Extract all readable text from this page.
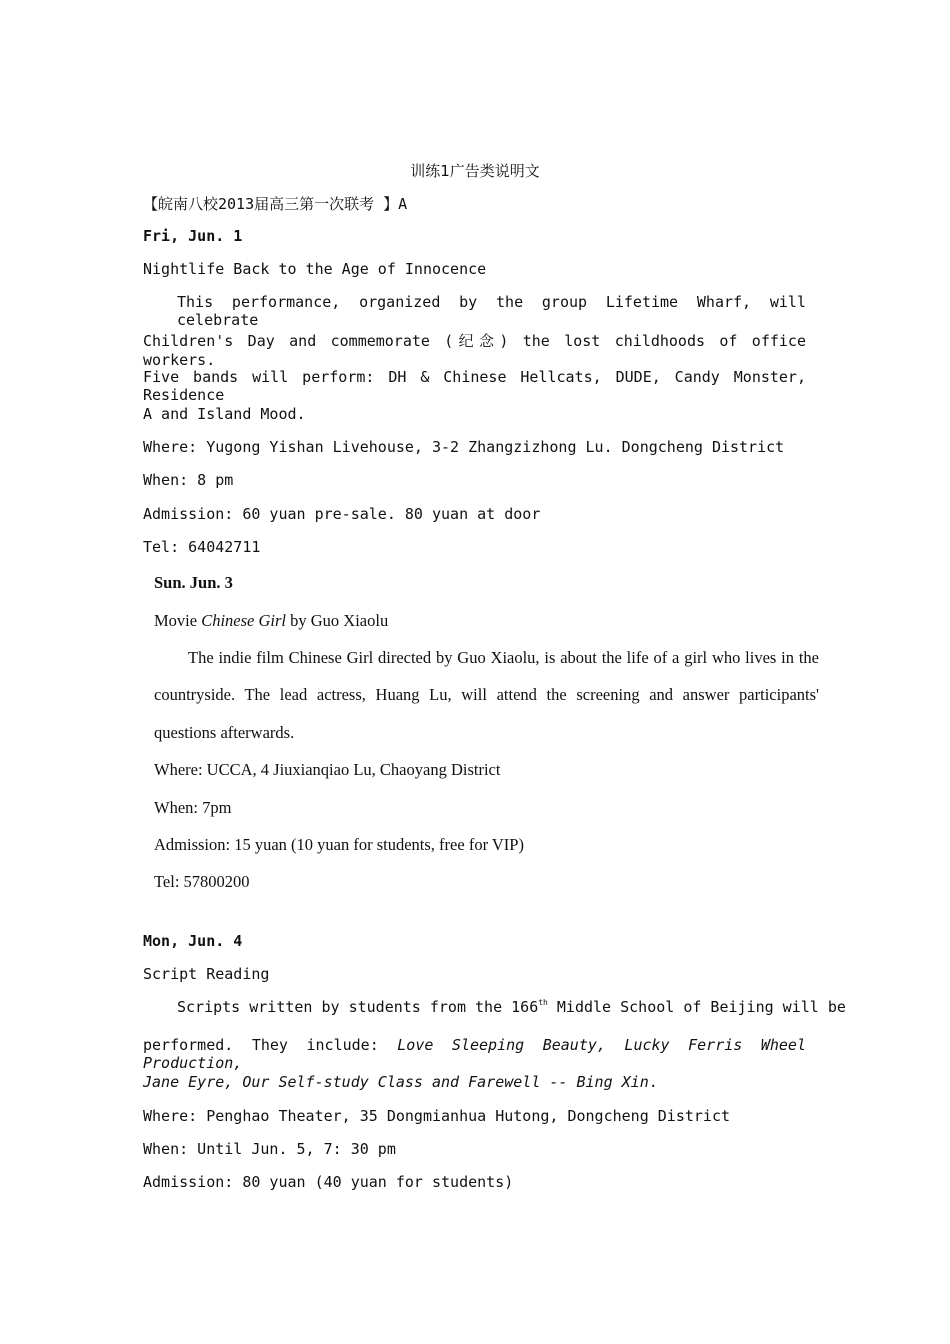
训练1广告类说明文
【皖南八校2013届高三第一次联考 】A
Fri, Jun. 1
Nightlife Back to the Age of Innocence
This performance, organized by the group Lifetime Wharf, will celebrate
Children's Day and commemorate (纪念) the lost childhoods of office workers.
Five bands will perform: DH & Chinese Hellcats, DUDE, Candy Monster, Residence
A and Island Mood.
Where: Yugong Yishan Livehouse, 3-2 Zhangzizhong Lu. Dongcheng District
When: 8 pm
Admission: 60 yuan pre-sale. 80 yuan at door
Tel: 64042711
Sun. Jun. 3
Movie Chinese Girl by Guo Xiaolu
The indie film Chinese Girl directed by Guo Xiaolu, is about the life of a girl who lives in the
countryside. The lead actress, Huang Lu, will attend the screening and answer participants'
questions afterwards.
Where: UCCA, 4 Jiuxianqiao Lu, Chaoyang District
When: 7pm
Admission: 15 yuan (10 yuan for students, free for VIP)
Tel: 57800200
Mon, Jun. 4
Script Reading
Scripts written by students from the 166th Middle School of Beijing will be
performed. They include: Love Sleeping Beauty, Lucky Ferris Wheel Production,
Jane Eyre, Our Self-study Class and Farewell -- Bing Xin.
Where: Penghao Theater, 35 Dongmianhua Hutong, Dongcheng District
When: Until Jun. 5, 7: 30 pm
Admission: 80 yuan (40 yuan for students)
